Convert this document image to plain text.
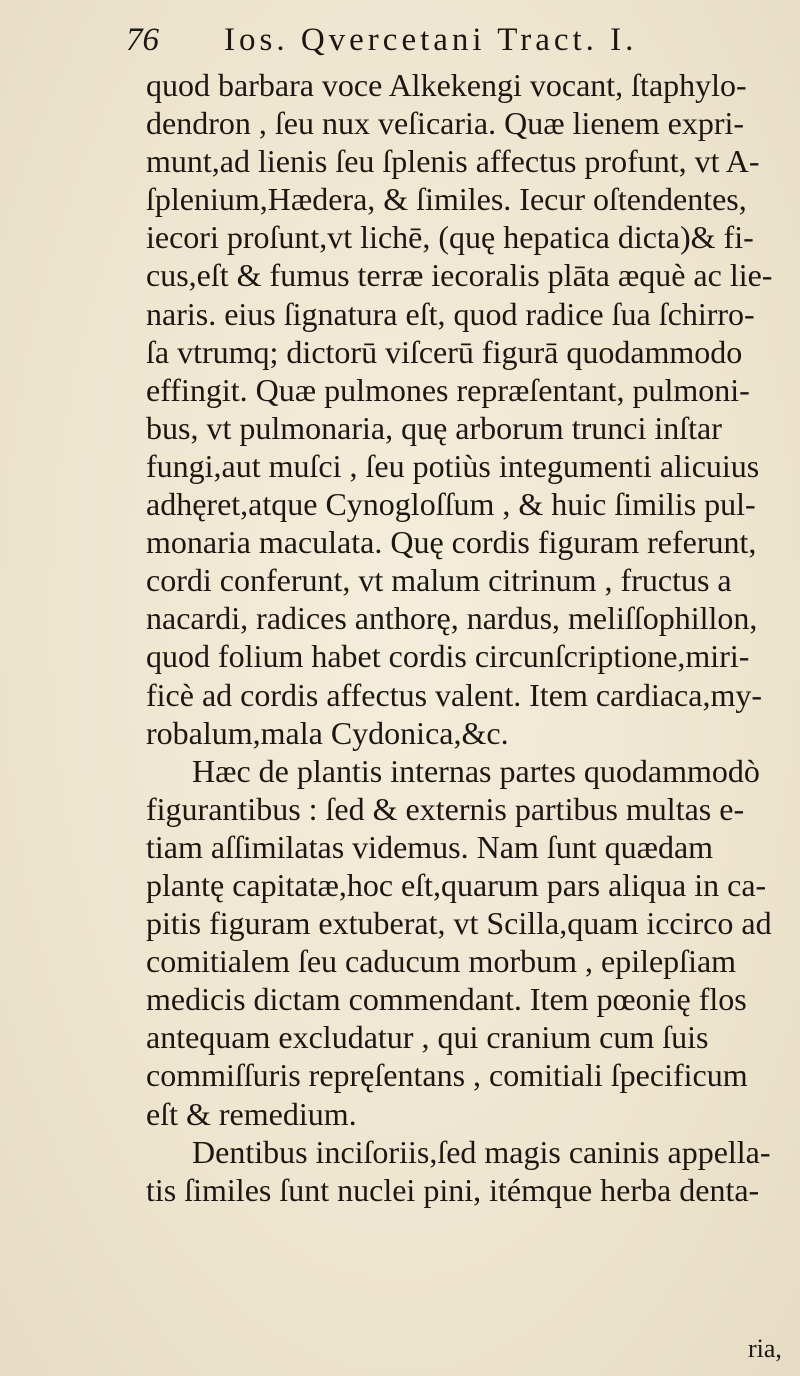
76 Ios. Qvercetani Tract. I.
quod barbara voce Alkekengi vocant, ſtaphylo-
dendron , ſeu nux veſicaria. Quæ lienem expri-
munt,ad lienis ſeu ſplenis affectus profunt, vt A-
ſplenium,Hædera, & ſimiles. Iecur oſtendentes,
iecori proſunt,vt lichē, (quę hepatica dicta)& fi-
cus,eſt & fumus terræ iecoralis plāta æquè ac lie-
naris. eius ſignatura eſt, quod radice ſua ſchirro-
ſa vtrumq; dictorū viſcerū figurā quodammodo
effingit. Quæ pulmones repræſentant, pulmoni-
bus, vt pulmonaria, quę arborum trunci inſtar
fungi,aut muſci , ſeu potiùs integumenti alicuius
adhęret,atque Cynogloſſum , & huic ſimilis pul-
monaria maculata. Quę cordis figuram referunt,
cordi conferunt, vt malum citrinum , fructus a
nacardi, radices anthorę, nardus, meliſſophillon,
quod folium habet cordis circunſcriptione,miri-
ficè ad cordis affectus valent. Item cardiaca,my-
robalum,mala Cydonica,&c.
Hæc de plantis internas partes quodammodò
figurantibus : ſed & externis partibus multas e-
tiam aſſimilatas videmus. Nam ſunt quædam
plantę capitatæ,hoc eſt,quarum pars aliqua in ca-
pitis figuram extuberat, vt Scilla,quam iccirco ad
comitialem ſeu caducum morbum , epilepſiam
medicis dictam commendant. Item pœonię flos
antequam excludatur , qui cranium cum ſuis
commiſſuris repręſentans , comitiali ſpecificum
eſt & remedium.
Dentibus inciſoriis,ſed magis caninis appella-
tis ſimiles ſunt nuclei pini, itémque herba denta-
ria,
